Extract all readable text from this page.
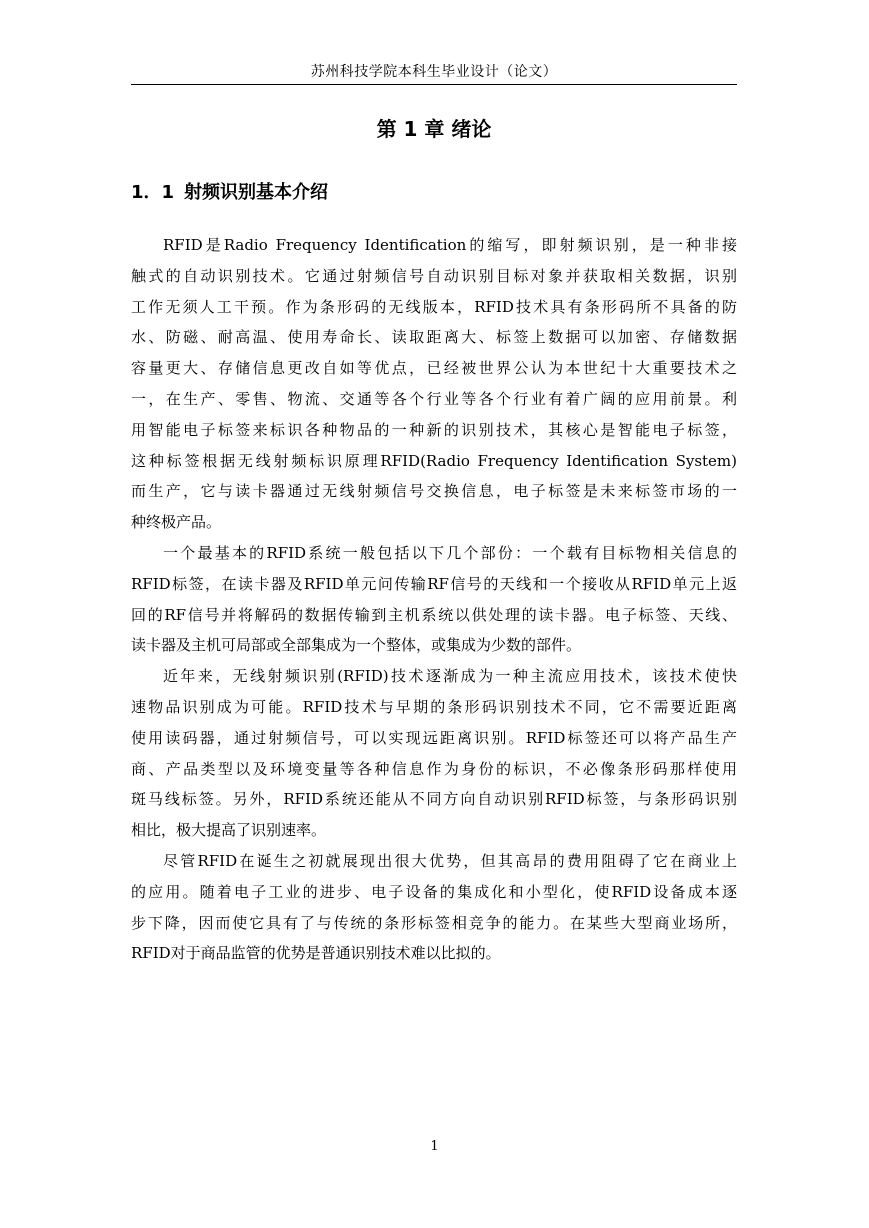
苏州科技学院本科生毕业设计（论文）
第 1 章 绪论
1．1 射频识别基本介绍

RFID是Radio Frequency Identification的缩写，即射频识别，是一种非接
触式的自动识别技术。它通过射频信号自动识别目标对象并获取相关数据，识别
工作无须人工干预。作为条形码的无线版本，RFID技术具有条形码所不具备的防
水、防磁、耐高温、使用寿命长、读取距离大、标签上数据可以加密、存储数据
容量更大、存储信息更改自如等优点，已经被世界公认为本世纪十大重要技术之
一，在生产、零售、物流、交通等各个行业等各个行业有着广阔的应用前景。利
用智能电子标签来标识各种物品的一种新的识别技术，其核心是智能电子标签，
这种标签根据无线射频标识原理RFID(Radio Frequency Identification System)
而生产，它与读卡器通过无线射频信号交换信息，电子标签是未来标签市场的一
种终极产品。

一个最基本的RFID系统一般包括以下几个部份：一个载有目标物相关信息的
RFID标签，在读卡器及RFID单元问传输RF信号的天线和一个接收从RFID单元上返
回的RF信号并将解码的数据传输到主机系统以供处理的读卡器。电子标签、天线、
读卡器及主机可局部或全部集成为一个整体，或集成为少数的部件。

近年来，无线射频识别(RFID)技术逐渐成为一种主流应用技术，该技术使快
速物品识别成为可能。RFID技术与早期的条形码识别技术不同，它不需要近距离
使用读码器，通过射频信号，可以实现远距离识别。RFID标签还可以将产品生产
商、产品类型以及环境变量等各种信息作为身份的标识，不必像条形码那样使用
斑马线标签。另外，RFID系统还能从不同方向自动识别RFID标签，与条形码识别
相比，极大提高了识别速率。

尽管RFID在诞生之初就展现出很大优势，但其高昂的费用阻碍了它在商业上
的应用。随着电子工业的进步、电子设备的集成化和小型化，使RFID设备成本逐
步下降，因而使它具有了与传统的条形标签相竞争的能力。在某些大型商业场所，
RFID对于商品监管的优势是普通识别技术难以比拟的。

1
